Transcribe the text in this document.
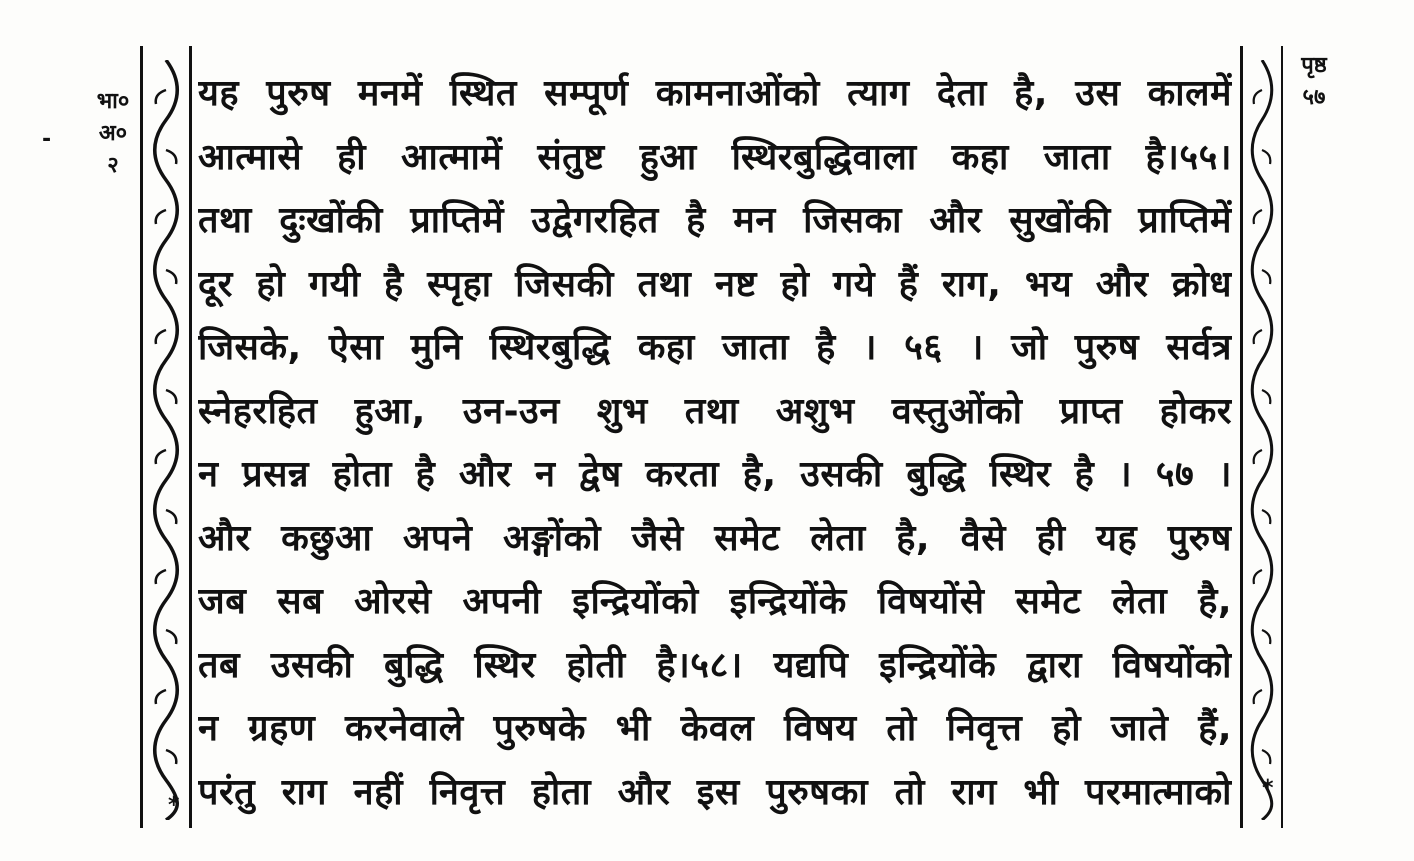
भा०
अ०
२
-
पृष्ठ
५७
*
*
यह पुरुष मनमें स्थित सम्पूर्ण कामनाओंको त्याग देता है, उस कालमें
आत्मासे ही आत्मामें संतुष्ट हुआ स्थिरबुद्धिवाला कहा जाता है।५५।
तथा दुःखोंकी प्राप्तिमें उद्वेगरहित है मन जिसका और सुखोंकी प्राप्तिमें
दूर हो गयी है स्पृहा जिसकी तथा नष्ट हो गये हैं राग, भय और क्रोध
जिसके, ऐसा मुनि स्थिरबुद्धि कहा जाता है । ५६ । जो पुरुष सर्वत्र
स्नेहरहित हुआ, उन-उन शुभ तथा अशुभ वस्तुओंको प्राप्त होकर
न प्रसन्न होता है और न द्वेष करता है, उसकी बुद्धि स्थिर है । ५७ ।
और कछुआ अपने अङ्गोंको जैसे समेट लेता है, वैसे ही यह पुरुष
जब सब ओरसे अपनी इन्द्रियोंको इन्द्रियोंके विषयोंसे समेट लेता है,
तब उसकी बुद्धि स्थिर होती है।५८। यद्यपि इन्द्रियोंके द्वारा विषयोंको
न ग्रहण करनेवाले पुरुषके भी केवल विषय तो निवृत्त हो जाते हैं,
परंतु राग नहीं निवृत्त होता और इस पुरुषका तो राग भी परमात्माको
